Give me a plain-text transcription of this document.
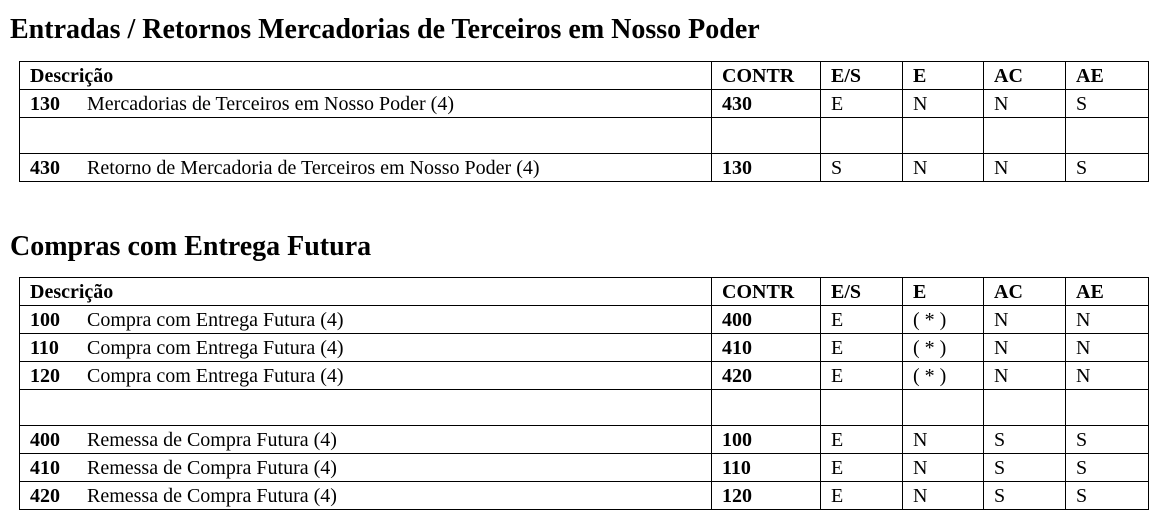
Entradas / Retornos Mercadorias de Terceiros em Nosso Poder
Descrição	CONTR	E/S	E	AC	AE
130 Mercadorias de Terceiros em Nosso Poder (4)	430	E	N	N	S

430 Retorno de Mercadoria de Terceiros em Nosso Poder (4)	130	S	N	N	S
Compras com Entrega Futura
Descrição	CONTR	E/S	E	AC	AE
100 Compra com Entrega Futura (4)	400	E	( * )	N	N
110 Compra com Entrega Futura (4)	410	E	( * )	N	N
120 Compra com Entrega Futura (4)	420	E	( * )	N	N

400 Remessa de Compra Futura (4)	100	E	N	S	S
410 Remessa de Compra Futura (4)	110	E	N	S	S
420 Remessa de Compra Futura (4)	120	E	N	S	S
